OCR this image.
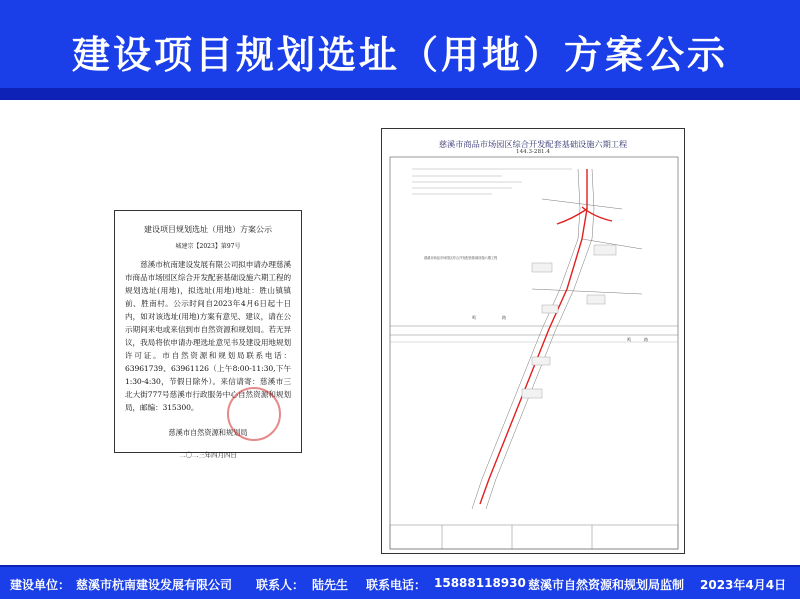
建设项目规划选址（用地）方案公示
建设项目规划选址（用地）方案公示
城建宗【2023】第97号
慈溪市杭南建设发展有限公司拟申请办理慈溪市商品市场园区综合开发配套基础设施六期工程的规划选址(用地)，拟选址(用地)地址：胜山镇镇前、胜南村。公示时间自2023年4月6日起十日内，如对该选址(用地)方案有意见、建议，请在公示期间来电或来信到市自然资源和规划局。若无异议，我局将依申请办理选址意见书及建设用地规划许可证。市自然资源和规划局联系电话：63961739、63961126（上午8:00-11:30,下午1:30-4:30，节假日除外）。来信请寄：慈溪市三北大街777号慈溪市行政服务中心自然资源和规划局，邮编：315300。
慈溪市自然资源和规划局
二〇二三年四月四日
慈溪市商品市场园区综合开发配套基础设施六期工程
144.3-281.4
慈溪市商品市场园区综合开发配套基础设施六期工程
鸣	路
鸣	路
建设单位： 慈溪市杭南建设发展有限公司 联系人： 陆先生 联系电话： 15888118930 慈溪市自然资源和规划局监制 2023年4月4日
